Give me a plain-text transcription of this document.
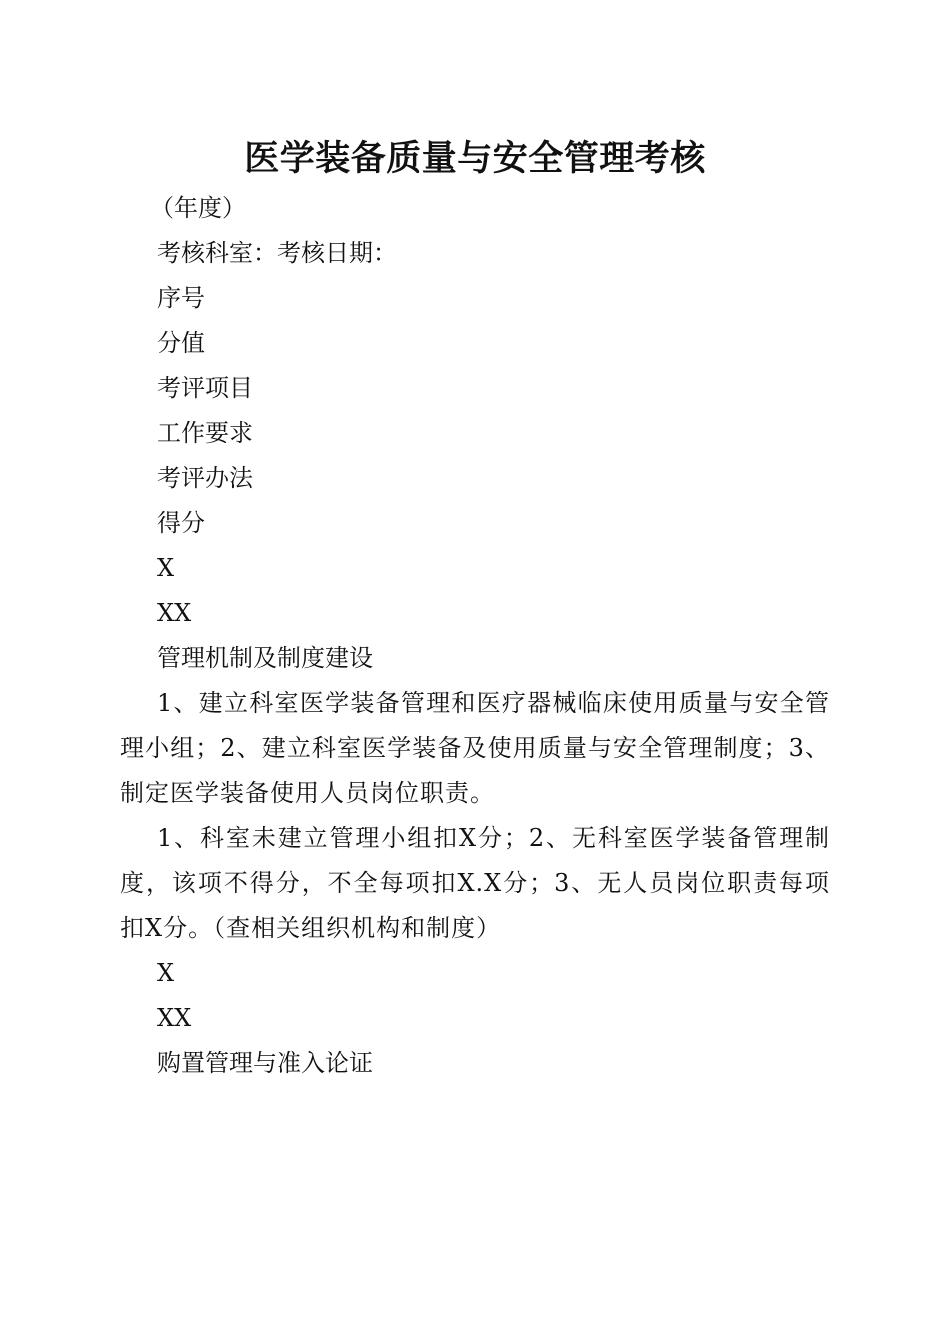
医学装备质量与安全管理考核

（年度）

考核科室：考核日期：

序号

分值

考评项目

工作要求

考评办法

得分

X

XX

管理机制及制度建设

1、建立科室医学装备管理和医疗器械临床使用质量与安全管理小组；2、建立科室医学装备及使用质量与安全管理制度；3、制定医学装备使用人员岗位职责。

1、科室未建立管理小组扣X分；2、无科室医学装备管理制度，该项不得分，不全每项扣X.X分；3、无人员岗位职责每项扣X分。（查相关组织机构和制度）

X

XX

购置管理与准入论证
